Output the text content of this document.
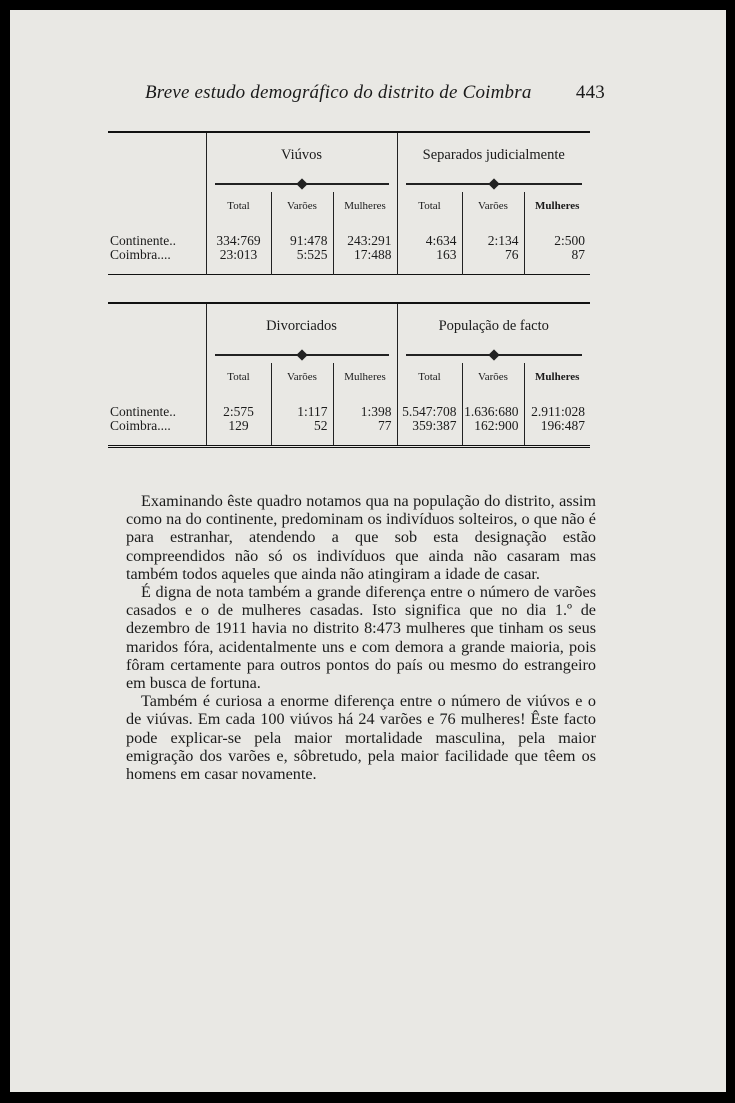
Breve estudo demográfico do distrito de Coimbra 443
	Viúvos			Separados judicialmente		

	Total	Varões	Mulheres	Total	Varões	Mulheres

Continente..	334:769	91:478	243:291	4:634	2:134	2:500
Coimbra....	23:013	5:525	17:488	163	76	87

	Divorciados			População de facto		

	Total	Varões	Mulheres	Total	Varões	Mulheres

Continente..	2:575	1:117	1:398	5.547:708	1.636:680	2.911:028
Coimbra....	129	52	77	359:387	162:900	196:487

Examinando êste quadro notamos qua na população do distrito, assim como na do continente, predominam os indivíduos solteiros, o que não é para estranhar, atendendo a que sob esta designação estão compreendidos não só os indivíduos que ainda não casaram mas também todos aqueles que ainda não atingiram a idade de casar.

É digna de nota também a grande diferença entre o número de varões casados e o de mulheres casadas. Isto significa que no dia 1.º de dezembro de 1911 havia no distrito 8:473 mulheres que tinham os seus maridos fóra, acidentalmente uns e com demora a grande maioria, pois fôram certamente para outros pontos do país ou mesmo do estrangeiro em busca de fortuna.

Também é curiosa a enorme diferença entre o número de viúvos e o de viúvas. Em cada 100 viúvos há 24 varões e 76 mulheres! Êste facto pode explicar-se pela maior mortalidade masculina, pela maior emigração dos varões e, sôbretudo, pela maior facilidade que têem os homens em casar novamente.
